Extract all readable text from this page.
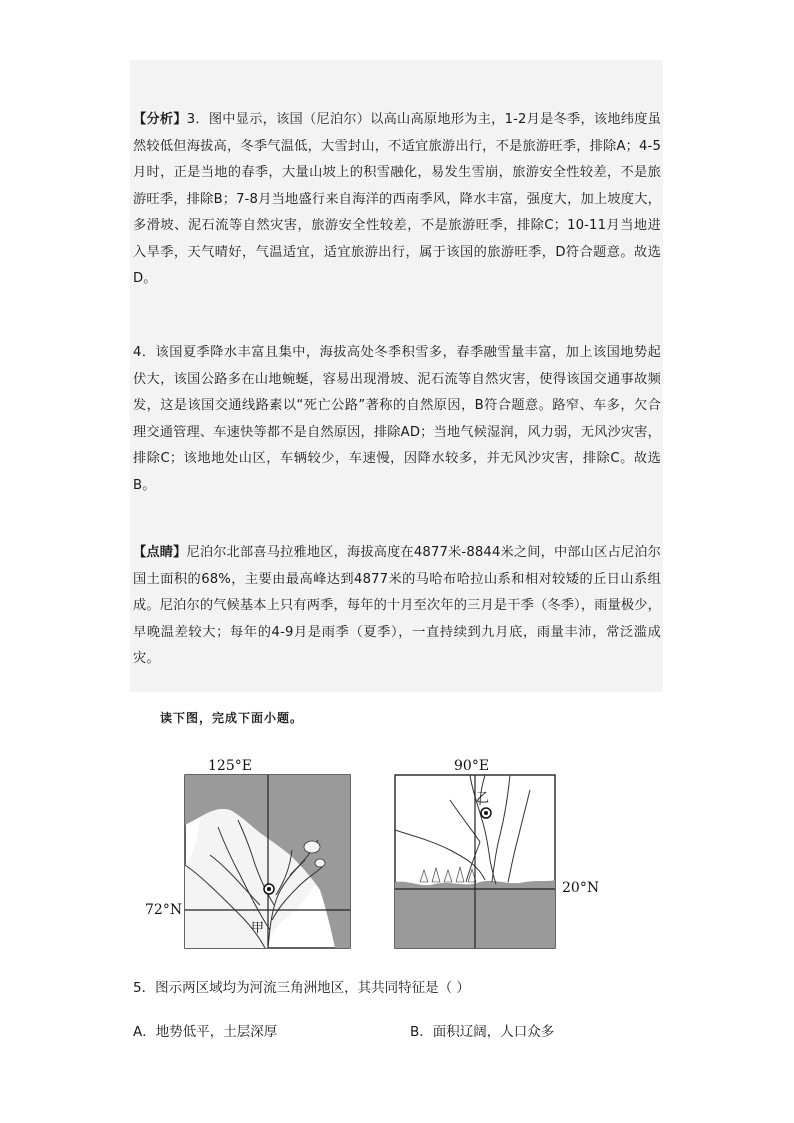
【分析】3．图中显示，该国（尼泊尔）以高山高原地形为主，1-2月是冬季，该地纬度虽然较低但海拔高，冬季气温低，大雪封山，不适宜旅游出行，不是旅游旺季，排除A；4-5月时，正是当地的春季，大量山坡上的积雪融化，易发生雪崩，旅游安全性较差，不是旅游旺季，排除B；7-8月当地盛行来自海洋的西南季风，降水丰富，强度大，加上坡度大，多滑坡、泥石流等自然灾害，旅游安全性较差，不是旅游旺季，排除C；10-11月当地进入旱季，天气晴好，气温适宜，适宜旅游出行，属于该国的旅游旺季，D符合题意。故选D。

4．该国夏季降水丰富且集中，海拔高处冬季积雪多，春季融雪量丰富，加上该国地势起伏大，该国公路多在山地蜿蜒，容易出现滑坡、泥石流等自然灾害，使得该国交通事故频发，这是该国交通线路素以“死亡公路”著称的自然原因，B符合题意。路窄、车多，欠合理交通管理、车速快等都不是自然原因，排除AD；当地气候湿润，风力弱，无风沙灾害，排除C；该地地处山区，车辆较少，车速慢，因降水较多，并无风沙灾害，排除C。故选B。

【点睛】尼泊尔北部喜马拉雅地区，海拔高度在4877米-8844米之间，中部山区占尼泊尔国土面积的68%，主要由最高峰达到4877米的马哈布哈拉山系和相对较矮的丘日山系组成。尼泊尔的气候基本上只有两季，每年的十月至次年的三月是干季（冬季），雨量极少，早晚温差较大；每年的4-9月是雨季（夏季），一直持续到九月底，雨量丰沛，常泛滥成灾。

读下图，完成下面小题。
125°E
72°N
甲
90°E
20°N
乙
5．图示两区域均为河流三角洲地区，其共同特征是（ ）
A．地势低平，土层深厚	B．面积辽阔，人口众多
